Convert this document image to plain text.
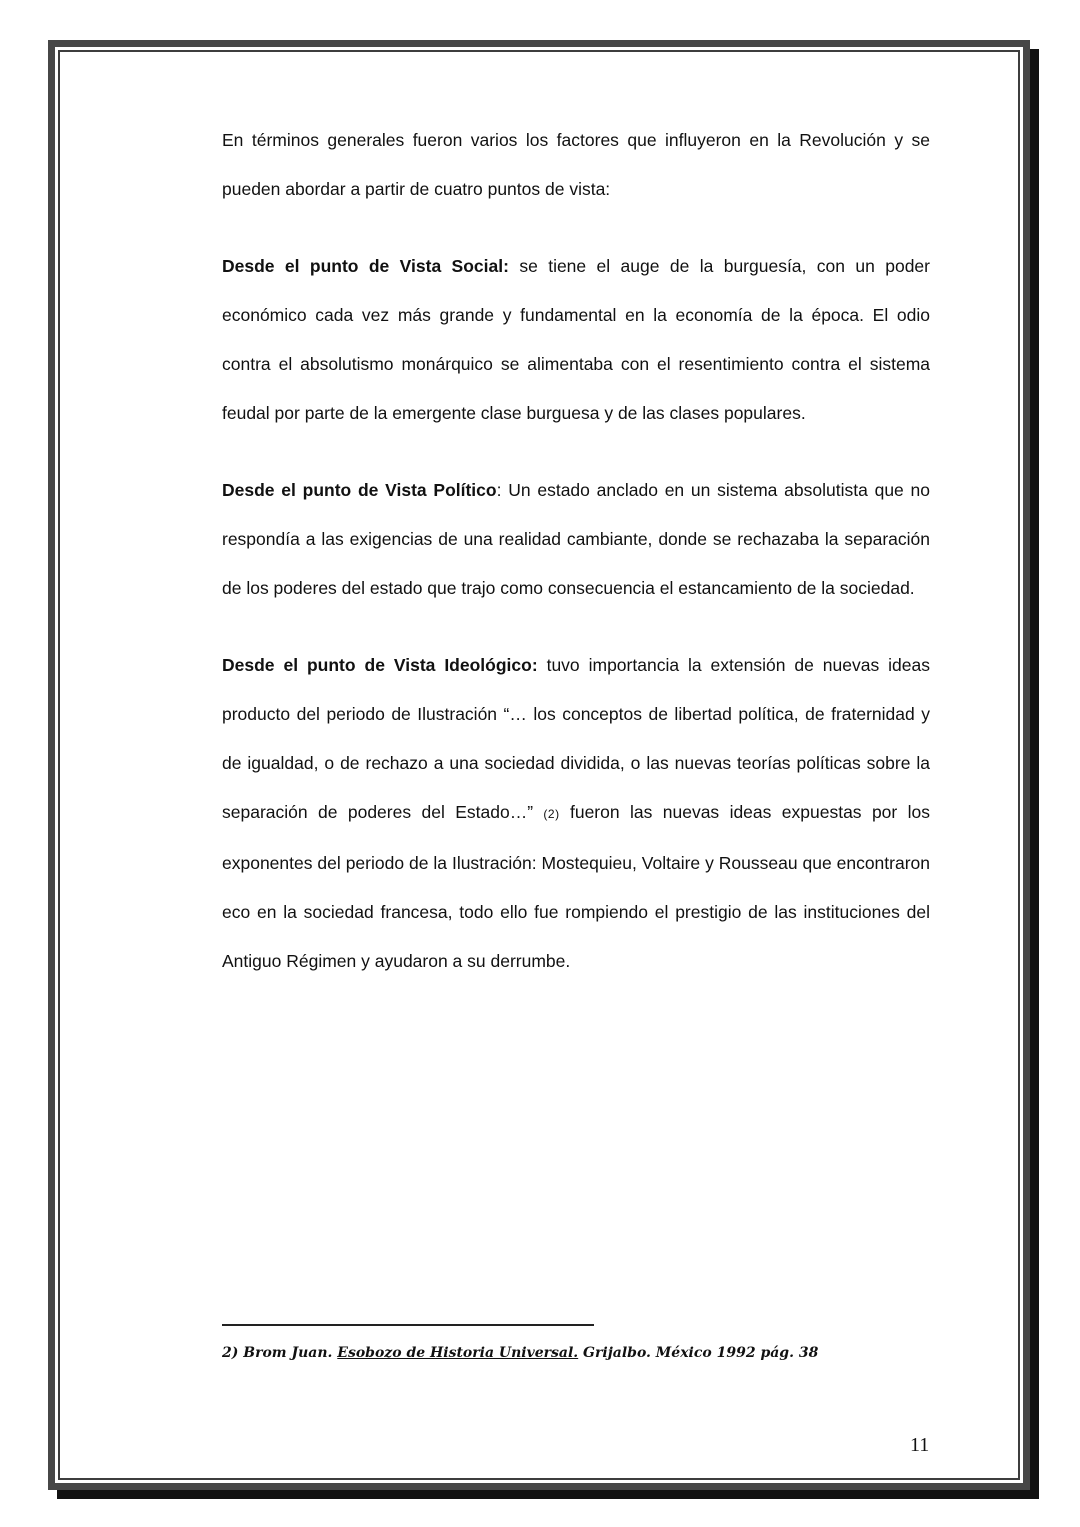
En términos generales fueron varios los factores que influyeron en la Revolución y se pueden abordar a partir de cuatro puntos de vista:

Desde el punto de Vista Social: se tiene el auge de la burguesía, con un poder económico cada vez más grande y fundamental en la economía de la época. El odio contra el absolutismo monárquico se alimentaba con el resentimiento contra el sistema feudal por parte de la emergente clase burguesa y de las clases populares.

Desde el punto de Vista Político: Un estado anclado en un sistema absolutista que no respondía a las exigencias de una realidad cambiante, donde se rechazaba la separación de los poderes del estado que trajo como consecuencia el estancamiento de la sociedad.

Desde el punto de Vista Ideológico: tuvo importancia la extensión de nuevas ideas producto del periodo de Ilustración “… los conceptos de libertad política, de fraternidad y de igualdad, o de rechazo a una sociedad dividida, o las nuevas teorías políticas sobre la separación de poderes del Estado…” (2) fueron las nuevas ideas expuestas por los exponentes del periodo de la Ilustración: Mostequieu, Voltaire y Rousseau que encontraron eco en la sociedad francesa, todo ello fue rompiendo el prestigio de las instituciones del Antiguo Régimen y ayudaron a su derrumbe.

2) Brom Juan. Esobozo de Historia Universal. Grijalbo. México 1992 pág. 38
11
